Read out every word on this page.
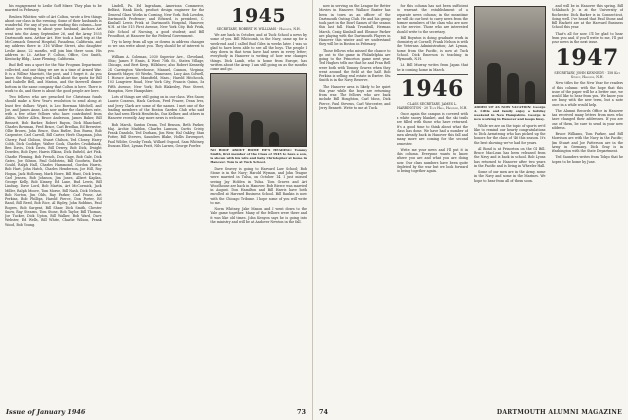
his engagement to Leslie Goff Mixer. They plan to be married in February.

Reuben Whittier, wife of Art Colton, wrote a few things about our class in the evening. Some of their husbands is wonderful. For any of you now reading this column—how about you writing to about your husband; Anchors Art went into the Army September 26, and the Army 1935 Dartmouth men. Arthur Art. Her took a hard trip at the McCormack General Hospital, Pasadena, California, and my address there is: 316 Wilbur Street, also daughter Leslie Anne, 22 months, will join him there soon. His address is: Lt. Arthur F. Colton, Office, Ceo Smith, Kentucky Bldg., Lane Fleming, California.

Bud Bell was a sport for the War Program Department collected, and one thing we are in a time of Armed War. It is a Wilbur Marriott, the post, and I forget it. As you know, the thing always will talk about the quota for Bill and Isabelle Bell, and Marion, and the farewell dinner bottom in the same company that Colton is here. There is work to do, and there is about the good people are here.

Two fellows who are preached for Christmas funds should make a New Year's resolution to send along at least five dollars: Wyatt, is Leo Bowman Mitchell, and Joe, and James Anne, Lois now under the class dues rate, with a few other fellows who have contributed from Alden, Walter Allen, Bruce Anderson, James Baker, Bill Bennett, Bob Barker, Robert Bayon, Dick Blanchard, Charles Bowman, Fred Brace, Carl Bredlau, Ed Brewster, Ollie Brown, John Bruce, Stan Butler, Don Burns, Bob Carpenter, Carl Carroll, Bill Carter, Herb Chapman, John Cherry, Paul Chilson, Stuart Chilson, Ted Cloney, Harry Cobb, Dick Coolidge, Walter Cook, Charles Cruikshank, Ben Davis, Dick Davis, Bill Dewey, Bob Dick, Dwight Dowden, Bob Dyer, Harris Elkins, Dick Enfield, Art Fisk, Charlie Fleming, Bob French, Don Gage, Bob Gale, Dick Gates, Joe Gibson, Paul Goldstein, Bill Goodwin, Earle Gould, Ralph Hall, Charles Hammond, Gordon Harris, Bob Hart, John Hatch, Charles Henderson, Joe Hill, Roy Hogan, Jack Holloway, Mark Howe, Bill Hunt, Dick Irwin, Carl Jensen, Bob Johnson, Jim Jones, Albert Kaplan, George Kelly, Bob Kinney, Ed Lane, Bud Lewis, Bill Lindsay, Dave Lord, Bob Martin, Art McCormick, Jack Miller, Ralph Moore, Tom Morse, Bill Nash, Dick Nelson, Bob Norton, Jim Olds, Ray Parker, Carl Pease, Art Perkins, Bob Phillips, Harold Pierce, Don Porter, Ed Rand, Bill Reed, Bob Rice, Al Ripley, John Robbins, Paul Rogers, Bob Sargent, Bill Shaw, Dick Smith, Chester Snow, Ray Stearns, Tom Stone, Bob Taylor, Bill Thomas, Joe Tucker, Dick Upton, Bill Walker, Bob Ward, Dave Webster, Ed Wells, Bill White, Charlie Wilson, Frank Wood, Bob Young.

Lindell, Pa. Ed Ingraham, American Commerce, Belfast, Hank Keck, product design engineer for the General Glass Works in Corning, New York. Bob Lowden, Dartmouth Professor; and Edward, is president, C. Kimball Lewis Frisk at Dartmouth Hospital, Hanover, N.H. at the 515 First Avenue, New York City. Bob Frisk, Yale School of Nursing, a good student; and Bill Proudfoot, at Hanover for the Federal Government.

Try to keep from all ups or downs in address changes so we can write about you. They should be of interest to you.

William A. Coleman, 2030 Superior Ave., Cleveland, Ohio; James F. Ennis, 4 West 75th St., Staten Village, Chicago, and Bert Keep, Hillsboro; also Robert Kennedy, 24 Carrington Warehouse, Manuel, Cannon, Virginia; Kenneth Mayer, 60 Weeks, Tennessee, Lucy Ann Colwell, 1 Horace Avenue, Mansfield, Mass.; Harold Hitchcock, 103 Longview Road, New York City; Francis Quinn, 5a Fifth Avenue, New York; Bob Blakesley, Pine Street, Hampton, New Hampshire.

Lots of things are still going on in our class. Wes Snow, Laurie Cozzens, Hack Carlson, Fred Frazee, Dean Ives, and Jerry Clark are some of the names. I met one of the leading members of the Boston Garden Club who said she had seen Elrick Hendricks, Gus Kellner, and others in Hanover recently. Any more news is welcome.

Bob Marsh, Saxton Deam, Ted Benson, Beth Parker, Maj. Archie Maddox, Charles Lamson, Curtis Cristy, Frank Dandolo, Ted Durham, Jim Weir, Hal Oakley, Stan Potter, Bill Steeves, Saunders Blake, Hollis Davenport, Paul Wilder, Crosby Trask, Willard Osgood, Sam Whitney, Duncan Eliot, Lyman Pratt, Nils Larsen, George Fowler.

1945
SECRETARY, ROBERT W. WILLIAMS · Hanover, N.H.

We are back in October, and at Tuck School a news by some of you. Bill Whitcomb, in the Navy, came up for a week-end and I called Bud Giles in weeks later. I was so glad to have been able to see all the boys. The people I stay down in that town have had news in every letter; everybody in Hanover is writing of how war changes things. Dick Lamb, who is home from Europe, has written about the Army. I am still going on as the months come and go.

NO ROOF ABOUT HOME HE'S HEADING: Tommy Smith, first member of the Class of 1945 to have a son, is shown with his wife and baby Christopher at home in Hanover. Tom is at Tuck School.

Dave Seavey is going to Harvard Law School; Bob Stone is in the Navy; Harold Wyman, and John Teague were married in Tulsa, on October 14. I just missed seeing Jay Holden in Tulsa. Tom Graves and Art Woodhouse are back in Hanover. Bob Bierce was married in August. Don Hamilton and Bill Harris have both enrolled at Harvard Business School. Bill Rankin is now with the Chicago Tribune. I hope some of you will write to me.

Norm Whitney, Jake Mason and I went down to the Yale game together. Many of the fellows were there and it was like old times. John Kenyon says he is going into the ministry and will be at Andover Newton in the fall.

Issue of January 1946	73

now in serving on the League for Better Movies in Hanover. Wallace Baxter has been in town as an officer of the Dartmouth Outing Club. He and his group took part in the Bowl Games of the season this last fall. Hank Trumbull, Herman Marsh, Craig Kimball and Eleanor Parker are playing with the Dartmouth Players in Hanover this winter and we understand they will be in Boston in February.

Those fellows who missed the chance to go out to the game in Philadelphia are going to the Princeton game next year. Ted Hughes tells me that he and Fran Bell were both with Tommy Graves when they went around the field at the half. Bob Perkins is selling real estate in Exeter. Stu Smith is in the Navy Reserve.

The Hanover area is likely to be quiet this year while the boys are returning from war. The fellows who are back include Bill Houghton, Carl Moss, Dick Pierce, Paul Stevens, Carl Worcester, and Jerry Bennett. Write to me at Tuck.

for this column has not been sufficient to warrant the establishment of a separate news column; in the meantime we will do our best to carry news from the former members of the class who are now in the service. Those who are interested should write to the secretary.

Bill Boynton is doing graduate work in chemistry at Cornell; Frank Nelson is with the Veterans Administration; Art Lyman, home from the Pacific, is now at Tuck School. Dick Emerson is teaching in Plymouth, N.H.

Lt. Bill Murray writes from Japan that he is coming home in March.

1946
CLASS SECRETARY, JAMES L. HARRINGTON · 20 Tuck Hall, Hanover, N.H.

Once again the campus is covered with a white snowy blanket, and the ski trails are filled with those who have returned. It's a good time to think about what the class has done. We have had a number of men already back in Hanover this fall and many more are coming for the second semester.

Write me your news and I'll put it in this column. Everyone wants to know where you are and what you are doing now. Our class numbers have been quite depleted by the war but we look forward to being together again.

ADDED UP AS NOW VACATION: George A. Little and family enjoy a holiday weekend in New Hampshire. George is now working in Hanover and keeps busy.

While we are on the topic of sports we'd like to remind our hearty congratulations to Dick Armstrong who has picked up the honors for the class of '46 this season. It's the best showing we've had for years.

Al Bond is at Princeton on the GI Bill. Bruce MacLean has been released from the Navy and is back in school. Bob Lyons has returned to Hanover after two years in the Pacific and is living in Wheeler Hall.

Some of our men are in the Army, some in the Navy and some in the Marines. We hope to hear from all of them soon.

and will be in Hanover this spring. Bill Schlabach Jr. is at the University of Rochester. Dick Barker is in Connecticut, doing well. I've heard that Paul Stone and Bill Hackett are at the Harvard Business School this year.

That's all for now. I'll be glad to hear from you and, if you'll write to me, I'll put your news in the next issue.

1947
SECRETARY, JOHN KENNEDY · 158 Kipp Street, Hanover, N.H.

New titles for the New Year for readers of this column: with the hope that this issue of the paper will be a better one, we would like to hear from you. We know you are busy with the new term, but a note once in a while would help.

The Alumni Records Office in Hanover has received many letters from men who have changed their addresses. If you are one of them, be sure to send in your new address.

Bruce Williams, Tom Parker, and Bill Morrison are with the Navy in the Pacific; Jim Stuart and Joe Patterson are in the Army in Germany. Dick Gray is in Washington with the State Department.

Ted Saunders writes from Tokyo that he hopes to be home by June.

74	DARTMOUTH ALUMNI MAGAZINE
